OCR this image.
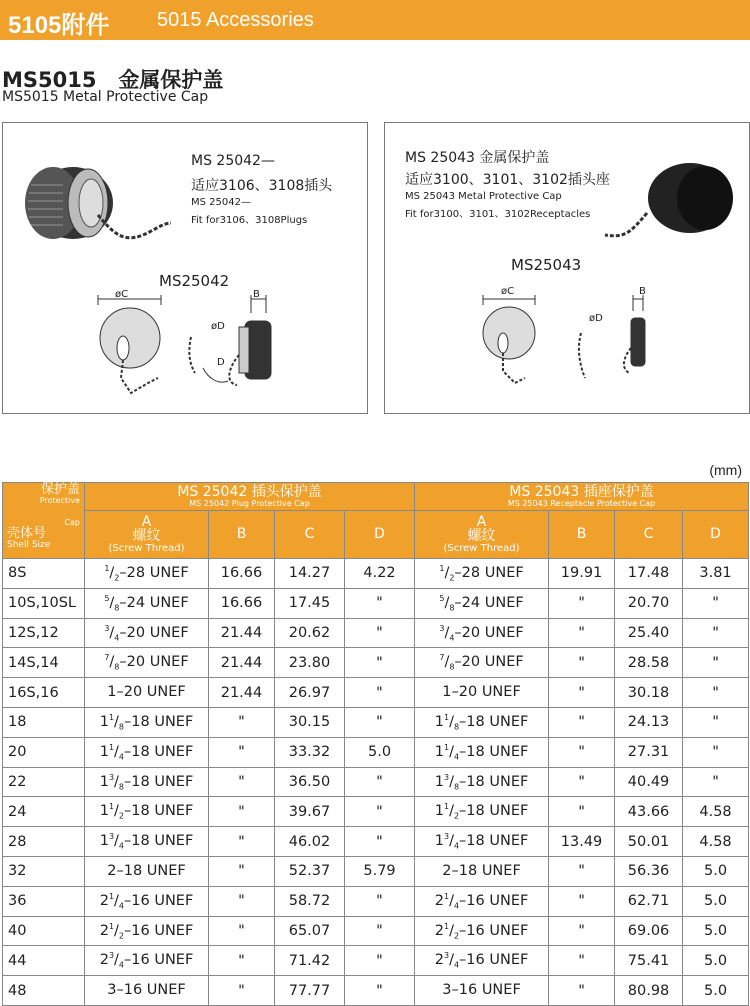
5105附件 5015 Accessories
MS5015   金属保护盖
MS5015 Metal Protective Cap
MS 25042—
适应3106、3108插头
MS 25042—
Fit for3106、3108Plugs
MS25042
øC	B
øD
D
MS 25043 金属保护盖
适应3100、3101、3102插头座
MS 25043 Metal Protective Cap
Fit for3100、3101、3102Receptacles
MS25043
øC	B
øD
(mm)
保护盖
Protective	MS 25042 插头保护盖
MS 25042 Plug Protective Cap				MS 25043 插座保护盖
MS 25043 Receptacle Protective Cap			

Cap
壳体号
Shell Size	A
螺纹
(Screw Thread)	B	C	D	A
螺纹
(Screw Thread)	B	C	D

8S	$^1/_2-28$ UNEF	16.66	14.27	4.22	$^1/_2-28$ UNEF	19.91	17.48	3.81
10S,10SL	$^5/_8-24$ UNEF	16.66	17.45	"	$^5/_8-24$ UNEF	"	20.70	"
12S,12	$^3/_4-20$ UNEF	21.44	20.62	"	$^3/_4-20$ UNEF	"	25.40	"
14S,14	$^7/_8-20$ UNEF	21.44	23.80	"	$^7/_8-20$ UNEF	"	28.58	"
16S,16	1–20 UNEF	21.44	26.97	"	1–20 UNEF	"	30.18	"
18	$1^1/_8-18$ UNEF	"	30.15	"	$1^1/_8-18$ UNEF	"	24.13	"
20	$1^1/_4-18$ UNEF	"	33.32	5.0	$1^1/_4-18$ UNEF	"	27.31	"
22	$1^3/_8-18$ UNEF	"	36.50	"	$1^3/_8-18$ UNEF	"	40.49	"
24	$1^1/_2-18$ UNEF	"	39.67	"	$1^1/_2-18$ UNEF	"	43.66	4.58
28	$1^3/_4-18$ UNEF	"	46.02	"	$1^3/_4-18$ UNEF	13.49	50.01	4.58
32	2–18 UNEF	"	52.37	5.79	2–18 UNEF	"	56.36	5.0
36	$2^1/_4-16$ UNEF	"	58.72	"	$2^1/_4-16$ UNEF	"	62.71	5.0
40	$2^1/_2-16$ UNEF	"	65.07	"	$2^1/_2-16$ UNEF	"	69.06	5.0
44	$2^3/_4-16$ UNEF	"	71.42	"	$2^3/_4-16$ UNEF	"	75.41	5.0
48	3–16 UNEF	"	77.77	"	3–16 UNEF	"	80.98	5.0
